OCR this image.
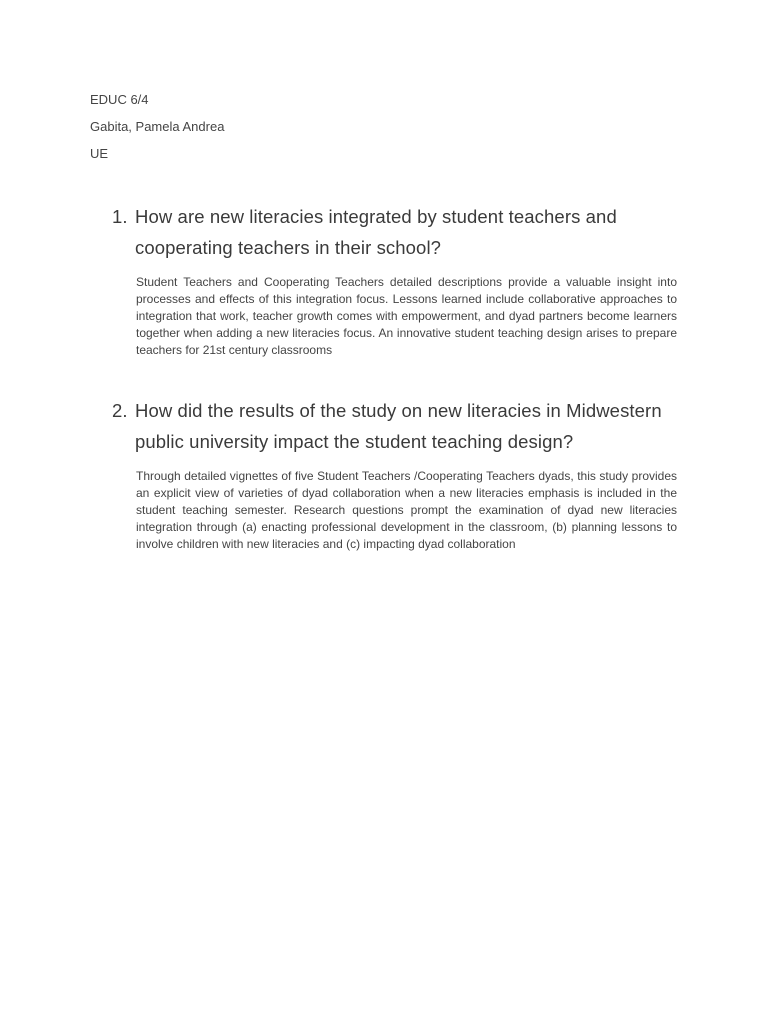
EDUC 6/4
Gabita, Pamela Andrea
UE
1. How are new literacies integrated by student teachers and cooperating teachers in their school?
Student Teachers and Cooperating Teachers detailed descriptions provide a valuable insight into processes and effects of this integration focus. Lessons learned include collaborative approaches to integration that work, teacher growth comes with empowerment, and dyad partners become learners together when adding a new literacies focus. An innovative student teaching design arises to prepare teachers for 21st century classrooms
2. How did the results of the study on new literacies in Midwestern public university impact the student teaching design?
Through detailed vignettes of five Student Teachers /Cooperating Teachers dyads, this study provides an explicit view of varieties of dyad collaboration when a new literacies emphasis is included in the student teaching semester. Research questions prompt the examination of dyad new literacies integration through (a) enacting professional development in the classroom, (b) planning lessons to involve children with new literacies and (c) impacting dyad collaboration
